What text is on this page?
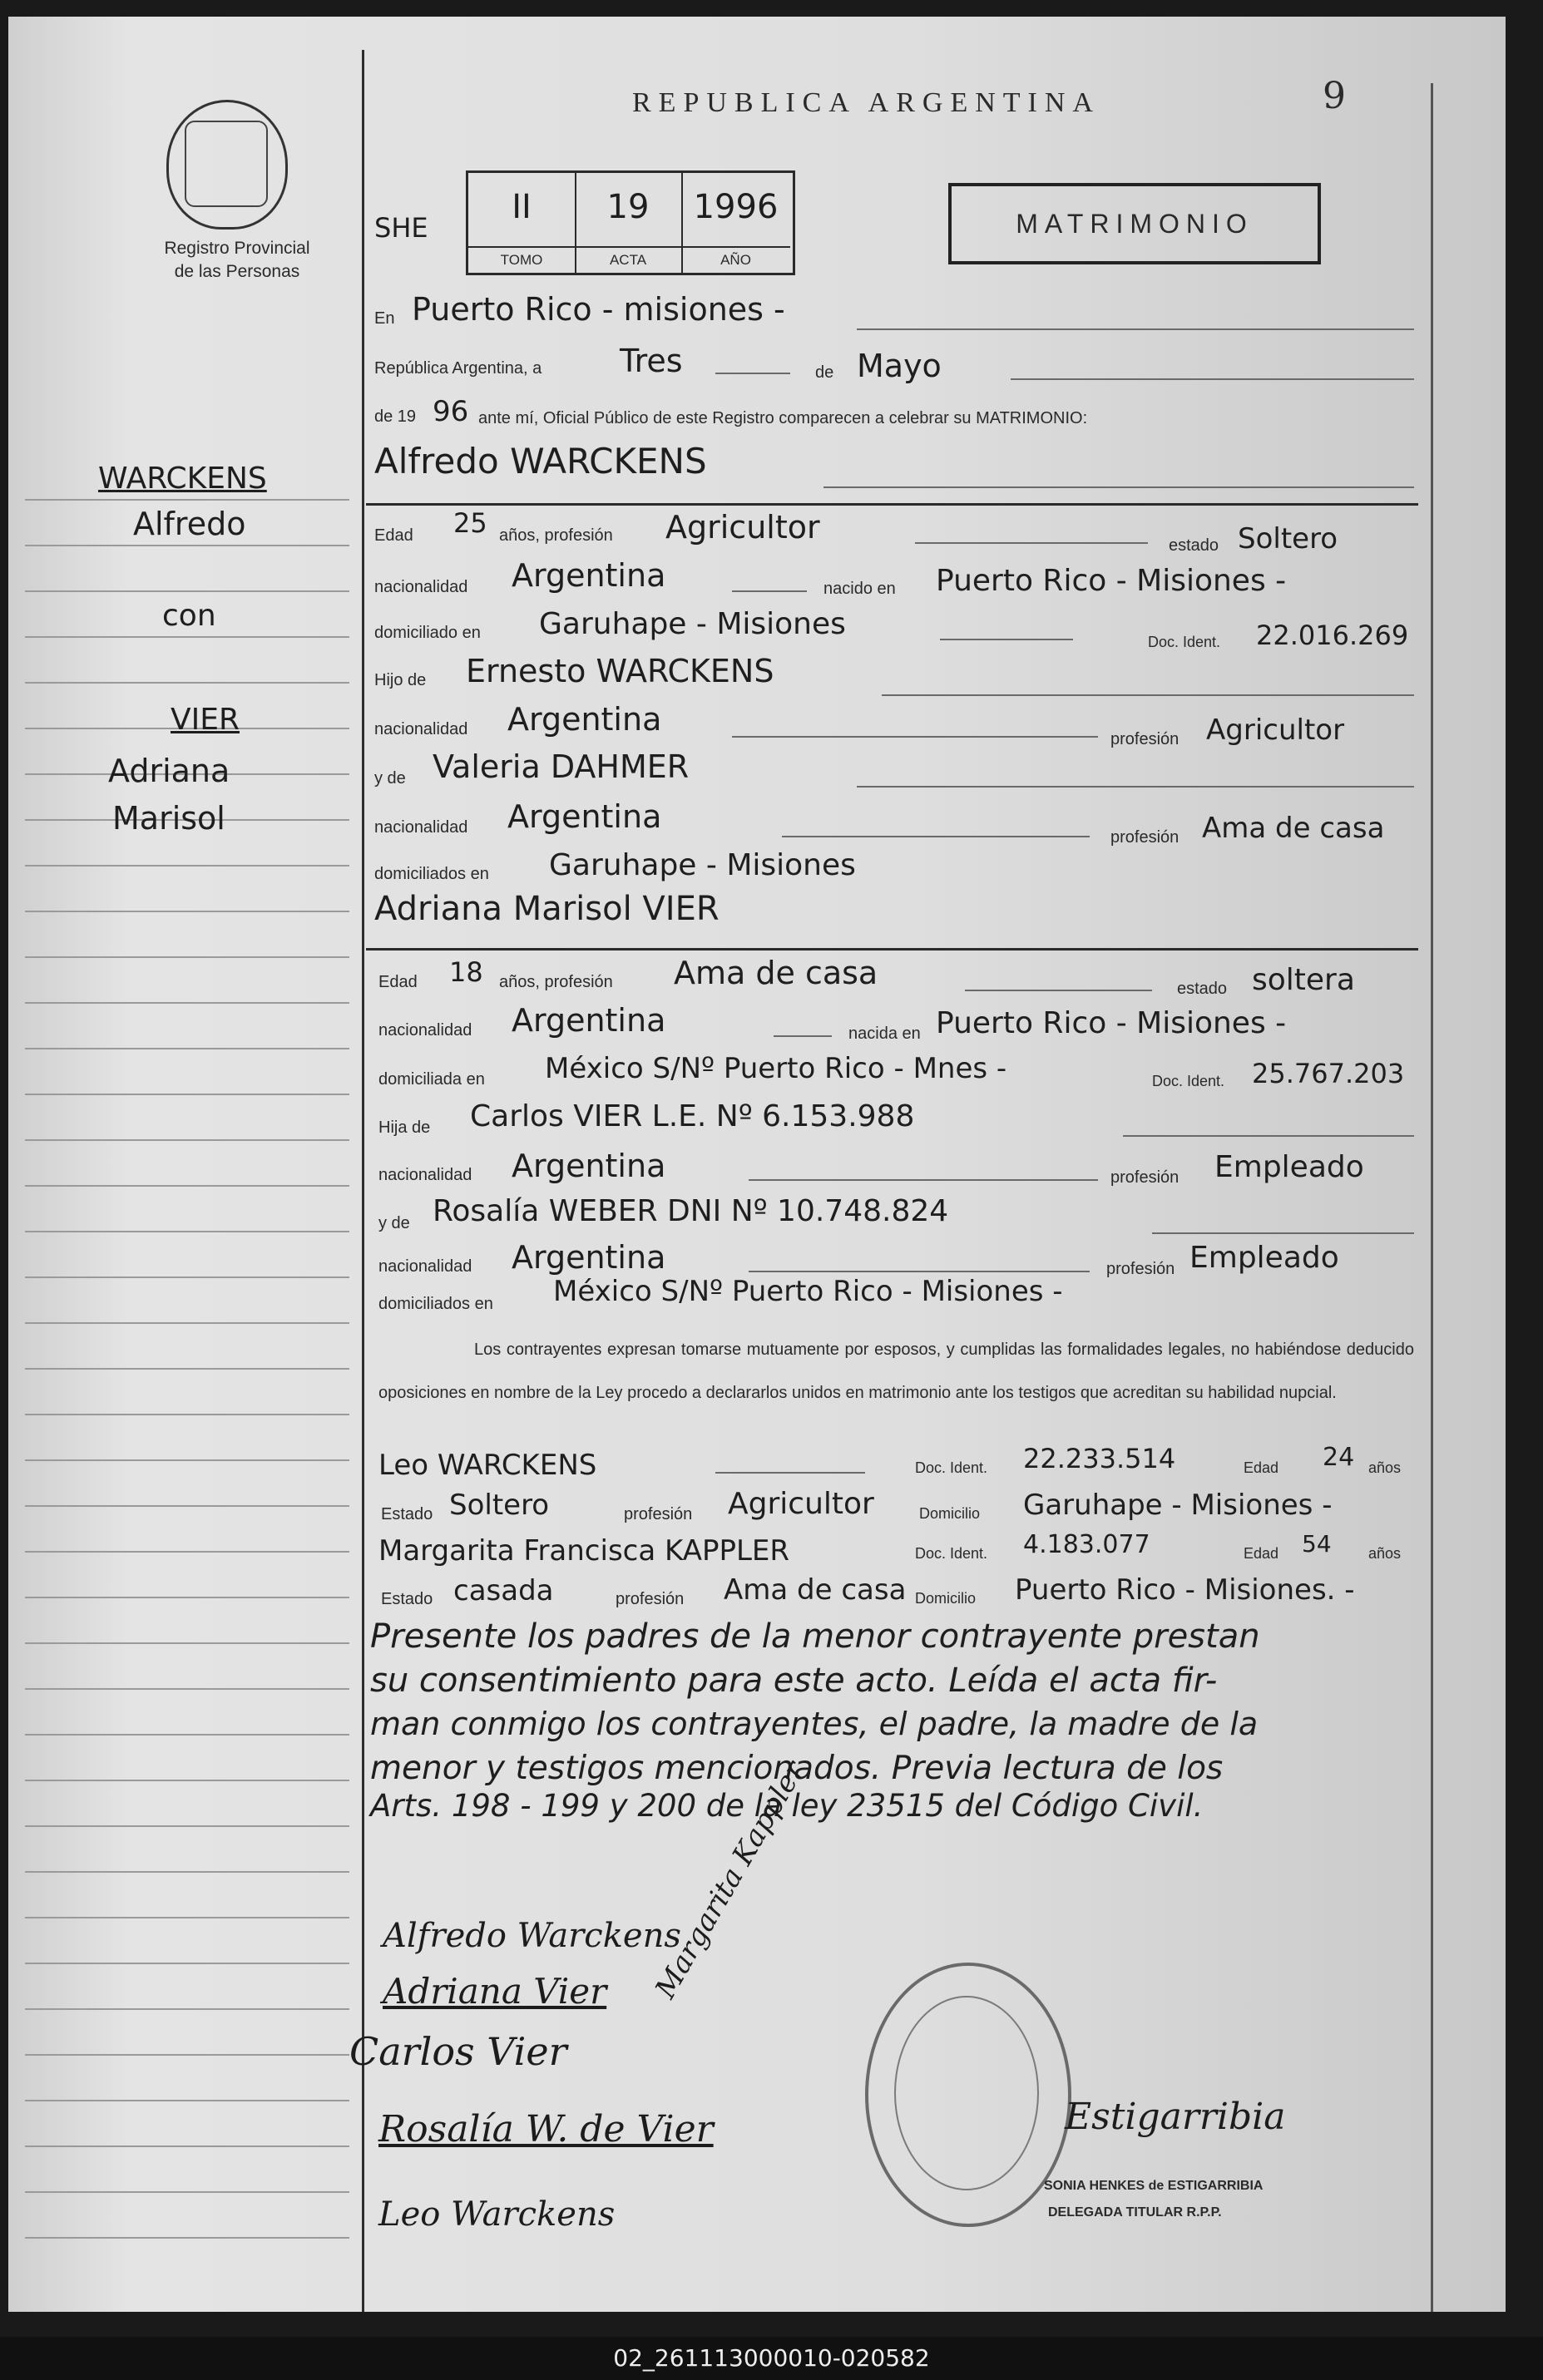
Registro Provincial
de las Personas
9
REPUBLICA ARGENTINA
SHE
II
TOMO
19
ACTA
1996
AÑO
MATRIMONIO
WARCKENS
Alfredo
con
VIER
Adriana
Marisol
En Puerto Rico - misiones -
República Argentina, a Tres	de Mayo
de 19 96 ante mí, Oficial Público de este Registro comparecen a celebrar su MATRIMONIO:
Alfredo WARCKENS
Edad 25 años, profesión Agricultor	estado Soltero
nacionalidad Argentina	nacido en Puerto Rico - Misiones -
domiciliado en Garuhape - Misiones
Doc. Ident. 22.016.269
Hijo de Ernesto WARCKENS
nacionalidad Argentina
profesión Agricultor
y de Valeria DAHMER
nacionalidad Argentina
profesión Ama de casa
domiciliados en Garuhape - Misiones
Adriana Marisol VIER
Edad 18 años, profesión Ama de casa	estado soltera
nacionalidad Argentina	nacida en Puerto Rico - Misiones -
domiciliada en México S/Nº Puerto Rico - Mnes -	Doc. Ident. 25.767.203
Hija de Carlos VIER L.E. Nº 6.153.988
nacionalidad Argentina	profesión Empleado
y de Rosalía WEBER DNI Nº 10.748.824
nacionalidad Argentina	profesión Empleado
domiciliados en México S/Nº Puerto Rico - Misiones -
Los contrayentes expresan tomarse mutuamente por esposos, y cumplidas las formalidades legales, no habiéndose deducido oposiciones en nombre de la Ley procedo a declararlos unidos en matrimonio ante los testigos que acreditan su habilidad nupcial.
Leo WARCKENS	Doc. Ident. 22.233.514	Edad 24 años
Estado Soltero	profesión Agricultor	Domicilio Garuhape - Misiones -
Margarita Francisca KAPPLER	Doc. Ident. 4.183.077	Edad 54 años
Estado casada	profesión Ama de casa Domicilio Puerto Rico - Misiones. -
Presente los padres de la menor contrayente prestan
su consentimiento para este acto. Leída el acta fir-
man conmigo los contrayentes, el padre, la madre de la
menor y testigos mencionados. Previa lectura de los
Arts. 198 - 199 y 200 de la ley 23515 del Código Civil.
Alfredo Warckens
Adriana Vier
Carlos Vier
Margarita Kappler
Rosalía W. de Vier
Leo Warckens
Estigarribia
SONIA HENKES de ESTIGARRIBIA
DELEGADA TITULAR R.P.P.
02_261113000010-020582
